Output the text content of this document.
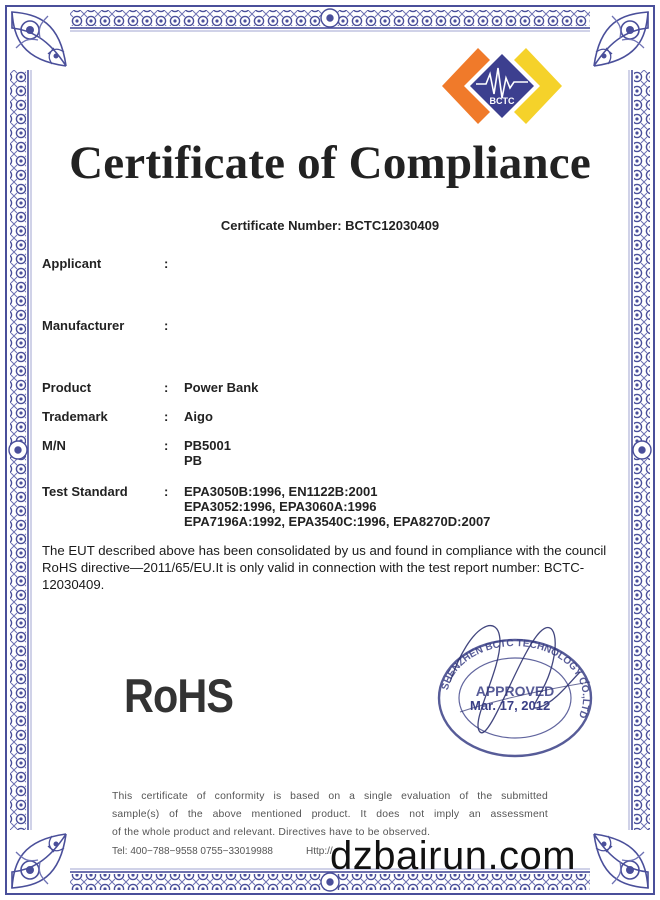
BCTC
Certificate of Compliance
Certificate Number: BCTC12030409
Applicant	:
Manufacturer	:
Product	: Power Bank
Trademark	: Aigo
M/N	: PB5001
PB
Test Standard	: EPA3050B:1996, EN1122B:2001
EPA3052:1996, EPA3060A:1996
EPA7196A:1992, EPA3540C:1996, EPA8270D:2007
The EUT described above has been consolidated by us and found in compliance with the council RoHS directive—2011/65/EU.It is only valid in connection with the test report number: BCTC-12030409.
RoHS	SHENZHEN BCTC TECHNOLOGY CO.,LTD
APPROVED
Mar. 17, 2012
This certificate of conformity is based on a single evaluation of the submitted
sample(s) of the above mentioned product. It does not imply an assessment
of the whole product and relevant. Directives have to be observed.
Tel: 400−788−9558 0755−33019988	Http://
dzbairun.com
